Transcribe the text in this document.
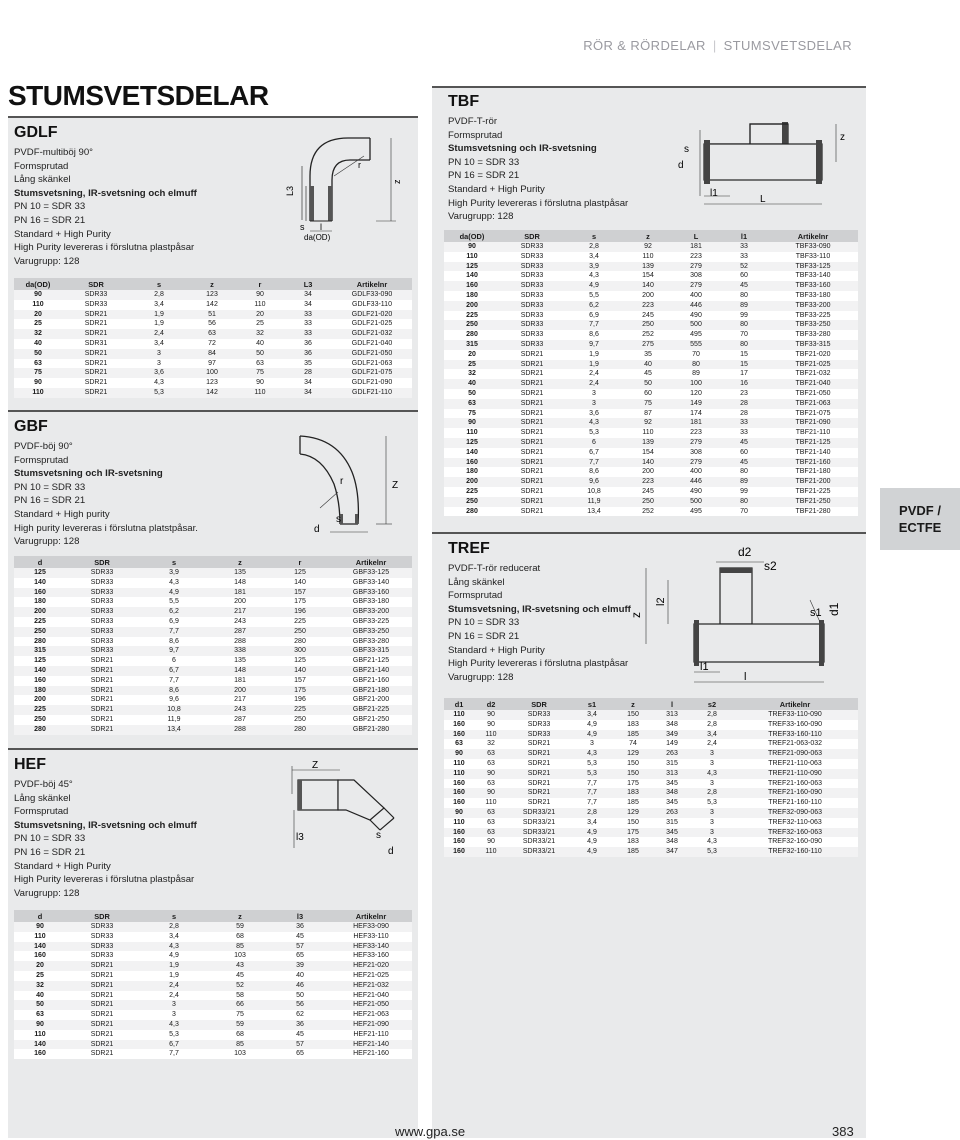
RÖR & RÖRDELAR | STUMSVETSDELAR
STUMSVETSDELAR
GDLF
PVDF-multiböj 90°
Formsprutad
Lång skänkel
Stumsvetsning, IR-svetsning och elmuff
PN 10 = SDR 33
PN 16 = SDR 21
Standard + High Purity
High Purity levereras i förslutna plastpåsar
Varugrupp: 128
L3
s l
z
r
da(OD)
da(OD)	SDR	s	z	r	L3	Artikelnr
90	SDR33	2,8	123	90	34	GDLF33-090
110	SDR33	3,4	142	110	34	GDLF33-110
20	SDR21	1,9	51	20	33	GDLF21-020
25	SDR21	1,9	56	25	33	GDLF21-025
32	SDR21	2,4	63	32	33	GDLF21-032
40	SDR31	3,4	72	40	36	GDLF21-040
50	SDR21	3	84	50	36	GDLF21-050
63	SDR21	3	97	63	35	GDLF21-063
75	SDR21	3,6	100	75	28	GDLF21-075
90	SDR21	4,3	123	90	34	GDLF21-090
110	SDR21	5,3	142	110	34	GDLF21-110
GBF
PVDF-böj 90°
Formsprutad
Stumsvetsning och IR-svetsning
PN 10 = SDR 33
PN 16 = SDR 21
Standard + High purity
High purity levereras i förslutna platstpåsar.
Varugrupp: 128
r	Z
s
d
d	SDR	s	z	r	Artikelnr
125	SDR33	3,9	135	125	GBF33-125
140	SDR33	4,3	148	140	GBF33-140
160	SDR33	4,9	181	157	GBF33-160
180	SDR33	5,5	200	175	GBF33-180
200	SDR33	6,2	217	196	GBF33-200
225	SDR33	6,9	243	225	GBF33-225
250	SDR33	7,7	287	250	GBF33-250
280	SDR33	8,6	288	280	GBF33-280
315	SDR33	9,7	338	300	GBF33-315
125	SDR21	6	135	125	GBF21-125
140	SDR21	6,7	148	140	GBF21-140
160	SDR21	7,7	181	157	GBF21-160
180	SDR21	8,6	200	175	GBF21-180
200	SDR21	9,6	217	196	GBF21-200
225	SDR21	10,8	243	225	GBF21-225
250	SDR21	11,9	287	250	GBF21-250
280	SDR21	13,4	288	280	GBF21-280
HEF
PVDF-böj 45°
Lång skänkel
Formsprutad
Stumsvetsning, IR-svetsning och elmuff
PN 10 = SDR 33
PN 16 = SDR 21
Standard + High Purity
High Purity levereras i förslutna plastpåsar
Varugrupp: 128
Z
l3	s
d
d	SDR	s	z	l3	Artikelnr
90	SDR33	2,8	59	36	HEF33-090
110	SDR33	3,4	68	45	HEF33-110
140	SDR33	4,3	85	57	HEF33-140
160	SDR33	4,9	103	65	HEF33-160
20	SDR21	1,9	43	39	HEF21-020
25	SDR21	1,9	45	40	HEF21-025
32	SDR21	2,4	52	46	HEF21-032
40	SDR21	2,4	58	50	HEF21-040
50	SDR21	3	66	56	HEF21-050
63	SDR21	3	75	62	HEF21-063
90	SDR21	4,3	59	36	HEF21-090
110	SDR21	5,3	68	45	HEF21-110
140	SDR21	6,7	85	57	HEF21-140
160	SDR21	7,7	103	65	HEF21-160
TBF
PVDF-T-rör
Formsprutad
Stumsvetsning och IR-svetsning
PN 10 = SDR 33
PN 16 = SDR 21
Standard + High Purity
High Purity levereras i förslutna plastpåsar
Varugrupp: 128
s
d
l1
L
z
da(OD)	SDR	s	z	L	l1	Artikelnr
90	SDR33	2,8	92	181	33	TBF33-090
110	SDR33	3,4	110	223	33	TBF33-110
125	SDR33	3,9	139	279	52	TBF33-125
140	SDR33	4,3	154	308	60	TBF33-140
160	SDR33	4,9	140	279	45	TBF33-160
180	SDR33	5,5	200	400	80	TBF33-180
200	SDR33	6,2	223	446	89	TBF33-200
225	SDR33	6,9	245	490	99	TBF33-225
250	SDR33	7,7	250	500	80	TBF33-250
280	SDR33	8,6	252	495	70	TBF33-280
315	SDR33	9,7	275	555	80	TBF33-315
20	SDR21	1,9	35	70	15	TBF21-020
25	SDR21	1,9	40	80	15	TBF21-025
32	SDR21	2,4	45	89	17	TBF21-032
40	SDR21	2,4	50	100	16	TBF21-040
50	SDR21	3	60	120	23	TBF21-050
63	SDR21	3	75	149	28	TBF21-063
75	SDR21	3,6	87	174	28	TBF21-075
90	SDR21	4,3	92	181	33	TBF21-090
110	SDR21	5,3	110	223	33	TBF21-110
125	SDR21	6	139	279	45	TBF21-125
140	SDR21	6,7	154	308	60	TBF21-140
160	SDR21	7,7	140	279	45	TBF21-160
180	SDR21	8,6	200	400	80	TBF21-180
200	SDR21	9,6	223	446	89	TBF21-200
225	SDR21	10,8	245	490	99	TBF21-225
250	SDR21	11,9	250	500	80	TBF21-250
280	SDR21	13,4	252	495	70	TBF21-280
TREF
PVDF-T-rör reducerat
Lång skänkel
Formsprutad
Stumsvetsning, IR-svetsning och elmuff
PN 10 = SDR 33
PN 16 = SDR 21
Standard + High Purity
High Purity levereras i förslutna plastpåsar
Varugrupp: 128
d2
s2
z
l2
l1
l
s1 d1
d1	d2	SDR	s1	z	l	s2	Artikelnr
110	90	SDR33	3,4	150	313	2,8	TREF33-110-090
160	90	SDR33	4,9	183	348	2,8	TREF33-160-090
160	110	SDR33	4,9	185	349	3,4	TREF33-160-110
63	32	SDR21	3	74	149	2,4	TREF21-063-032
90	63	SDR21	4,3	129	263	3	TREF21-090-063
110	63	SDR21	5,3	150	315	3	TREF21-110-063
110	90	SDR21	5,3	150	313	4,3	TREF21-110-090
160	63	SDR21	7,7	175	345	3	TREF21-160-063
160	90	SDR21	7,7	183	348	2,8	TREF21-160-090
160	110	SDR21	7,7	185	345	5,3	TREF21-160-110
90	63	SDR33/21	2,8	129	263	3	TREF32-090-063
110	63	SDR33/21	3,4	150	315	3	TREF32-110-063
160	63	SDR33/21	4,9	175	345	3	TREF32-160-063
160	90	SDR33/21	4,9	183	348	4,3	TREF32-160-090
160	110	SDR33/21	4,9	185	347	5,3	TREF32-160-110
PVDF /
ECTFE
www.gpa.se	383
